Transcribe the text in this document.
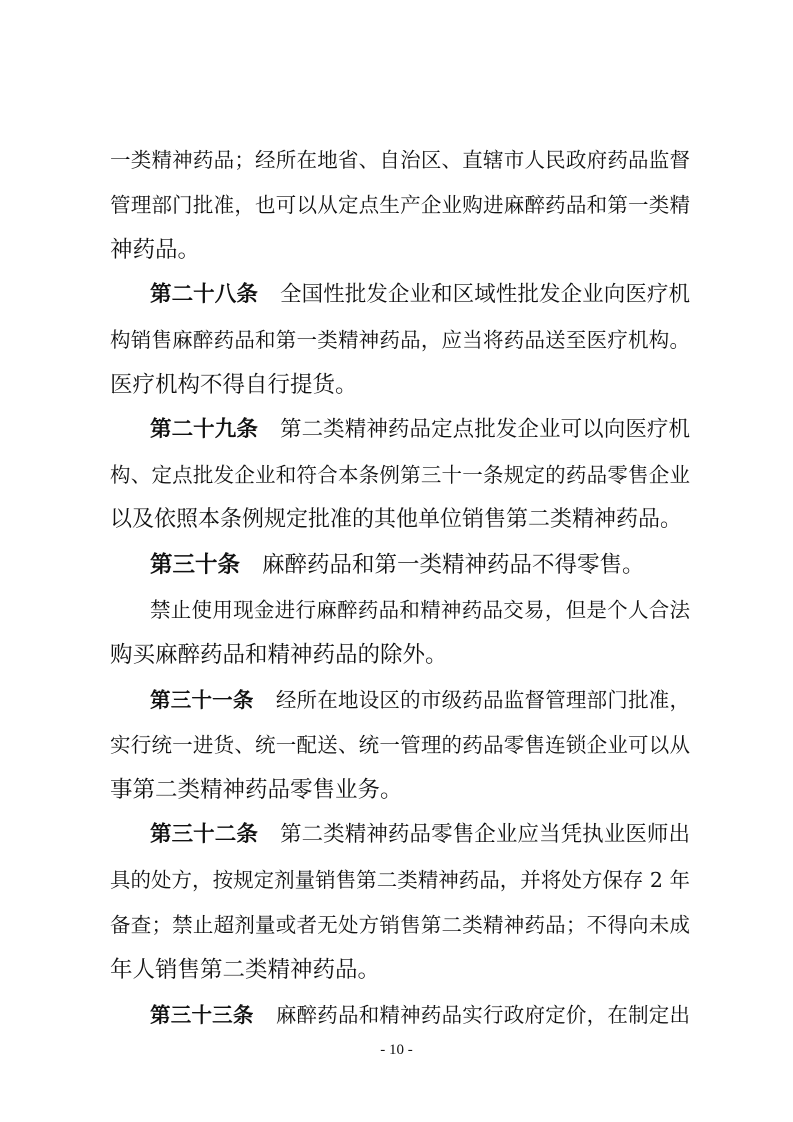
一类精神药品；经所在地省、自治区、直辖市人民政府药品监督
管理部门批准，也可以从定点生产企业购进麻醉药品和第一类精
神药品。
第二十八条 全国性批发企业和区域性批发企业向医疗机
构销售麻醉药品和第一类精神药品，应当将药品送至医疗机构。
医疗机构不得自行提货。
第二十九条 第二类精神药品定点批发企业可以向医疗机
构、定点批发企业和符合本条例第三十一条规定的药品零售企业
以及依照本条例规定批准的其他单位销售第二类精神药品。
第三十条 麻醉药品和第一类精神药品不得零售。
禁止使用现金进行麻醉药品和精神药品交易，但是个人合法
购买麻醉药品和精神药品的除外。
第三十一条 经所在地设区的市级药品监督管理部门批准，
实行统一进货、统一配送、统一管理的药品零售连锁企业可以从
事第二类精神药品零售业务。
第三十二条 第二类精神药品零售企业应当凭执业医师出
具的处方，按规定剂量销售第二类精神药品，并将处方保存 2 年
备查；禁止超剂量或者无处方销售第二类精神药品；不得向未成
年人销售第二类精神药品。
第三十三条 麻醉药品和精神药品实行政府定价，在制定出
- 10 -
